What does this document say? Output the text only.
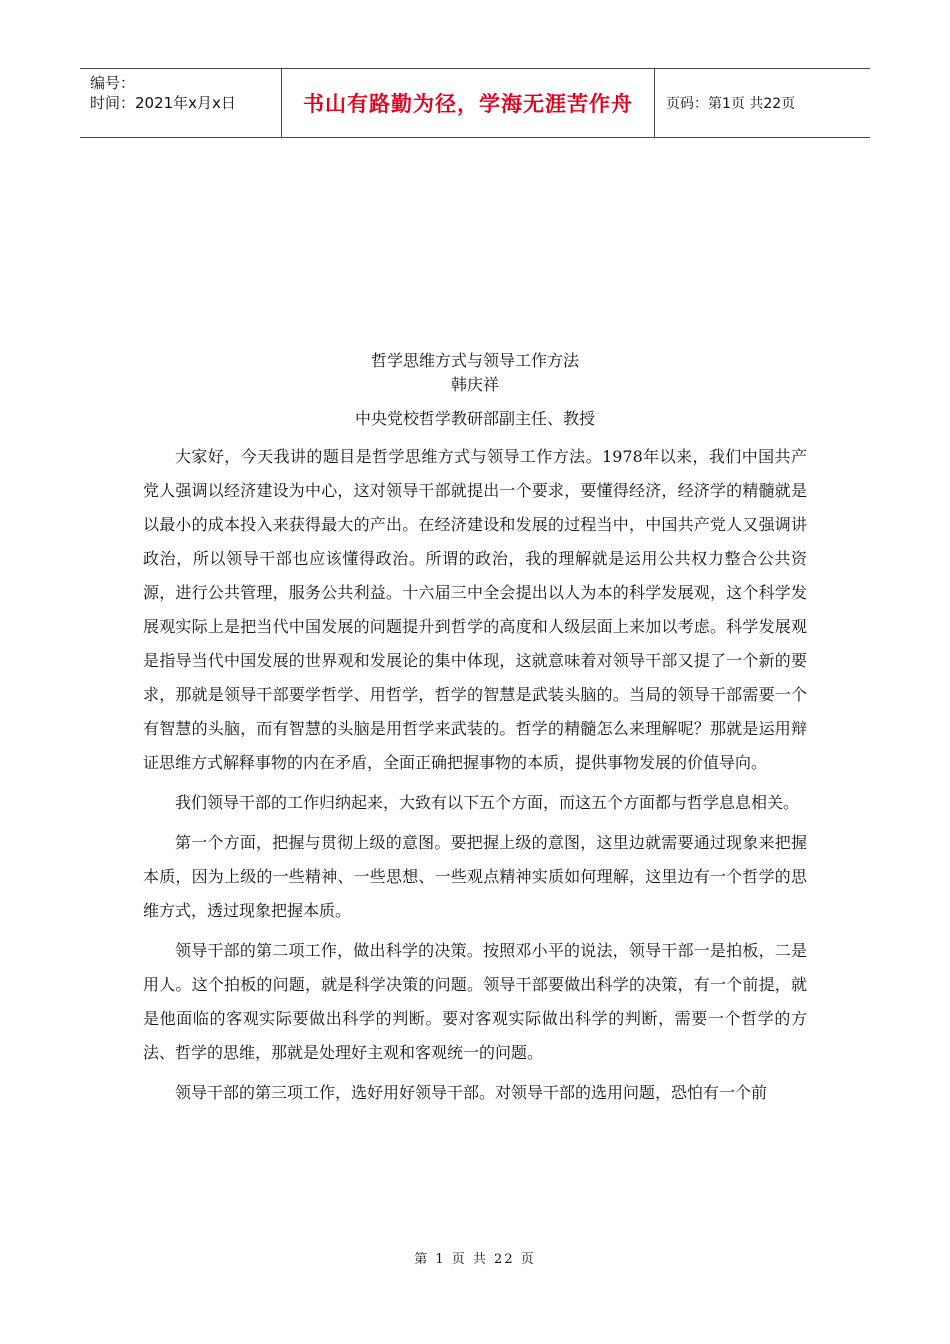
编号：
时间：2021年x月x日	书山有路勤为径，学海无涯苦作舟	页码：第1页 共22页
哲学思维方式与领导工作方法
韩庆祥
中央党校哲学教研部副主任、教授

大家好，今天我讲的题目是哲学思维方式与领导工作方法。1978年以来，我们中国共产党人强调以经济建设为中心，这对领导干部就提出一个要求，要懂得经济，经济学的精髓就是以最小的成本投入来获得最大的产出。在经济建设和发展的过程当中，中国共产党人又强调讲政治，所以领导干部也应该懂得政治。所谓的政治，我的理解就是运用公共权力整合公共资源，进行公共管理，服务公共利益。十六届三中全会提出以人为本的科学发展观，这个科学发展观实际上是把当代中国发展的问题提升到哲学的高度和人级层面上来加以考虑。科学发展观是指导当代中国发展的世界观和发展论的集中体现，这就意味着对领导干部又提了一个新的要求，那就是领导干部要学哲学、用哲学，哲学的智慧是武装头脑的。当局的领导干部需要一个有智慧的头脑，而有智慧的头脑是用哲学来武装的。哲学的精髓怎么来理解呢？那就是运用辩证思维方式解释事物的内在矛盾，全面正确把握事物的本质，提供事物发展的价值导向。

我们领导干部的工作归纳起来，大致有以下五个方面，而这五个方面都与哲学息息相关。

第一个方面，把握与贯彻上级的意图。要把握上级的意图，这里边就需要通过现象来把握本质，因为上级的一些精神、一些思想、一些观点精神实质如何理解，这里边有一个哲学的思维方式，透过现象把握本质。

领导干部的第二项工作，做出科学的决策。按照邓小平的说法，领导干部一是拍板，二是用人。这个拍板的问题，就是科学决策的问题。领导干部要做出科学的决策，有一个前提，就是他面临的客观实际要做出科学的判断。要对客观实际做出科学的判断，需要一个哲学的方法、哲学的思维，那就是处理好主观和客观统一的问题。

领导干部的第三项工作，选好用好领导干部。对领导干部的选用问题，恐怕有一个前

第 1 页 共 22 页
